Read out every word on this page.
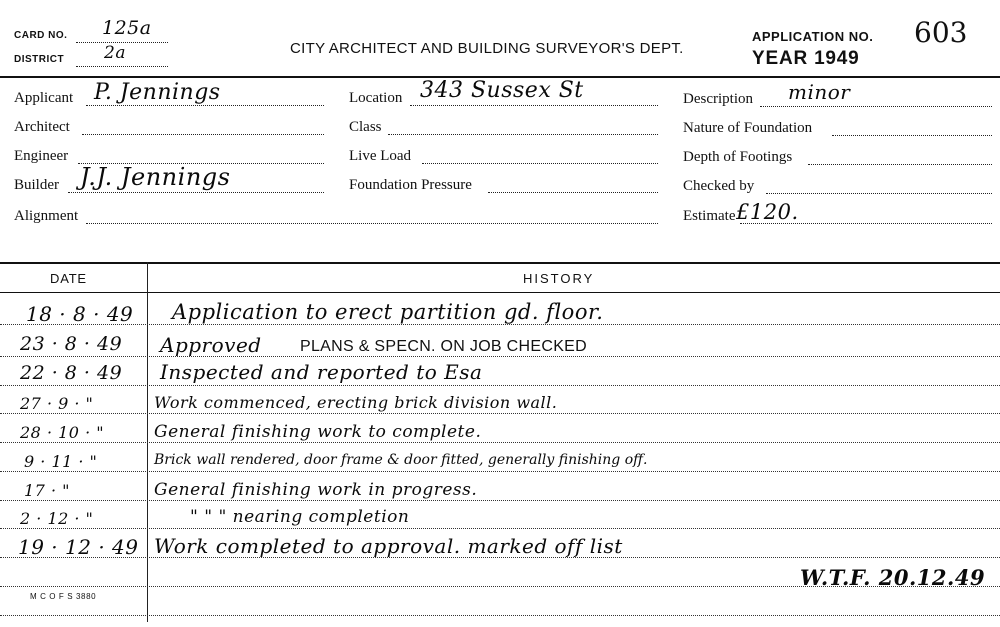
CARD NO. 125a
DISTRICT 2a	CITY ARCHITECT AND BUILDING SURVEYOR'S DEPT.
APPLICATION NO. 603
YEAR 1949
Applicant P. Jennings
Architect
Engineer
Builder J.J. Jennings
Alignment
Location 343 Sussex St
Class
Live Load
Foundation Pressure
Description minor
Nature of Foundation
Depth of Footings
Checked by
Estimate £120.
DATE	HISTORY
18 · 8 · 49 Application to erect partition gd. floor.
23 · 8 · 49 Approved PLANS & SPECN. ON JOB CHECKED
22 · 8 · 49 Inspected and reported to Esa
27 · 9 · "	Work commenced, erecting brick division wall.
28 · 10 · "	General finishing work to complete.
9 · 11 · "	Brick wall rendered, door frame & door fitted, generally finishing off.
17 · "	General finishing work in progress.
2 · 12 · "	" " " nearing completion
19 · 12 · 49 Work completed to approval. marked off list
W.T.F. 20.12.49
M C O F S 3880
